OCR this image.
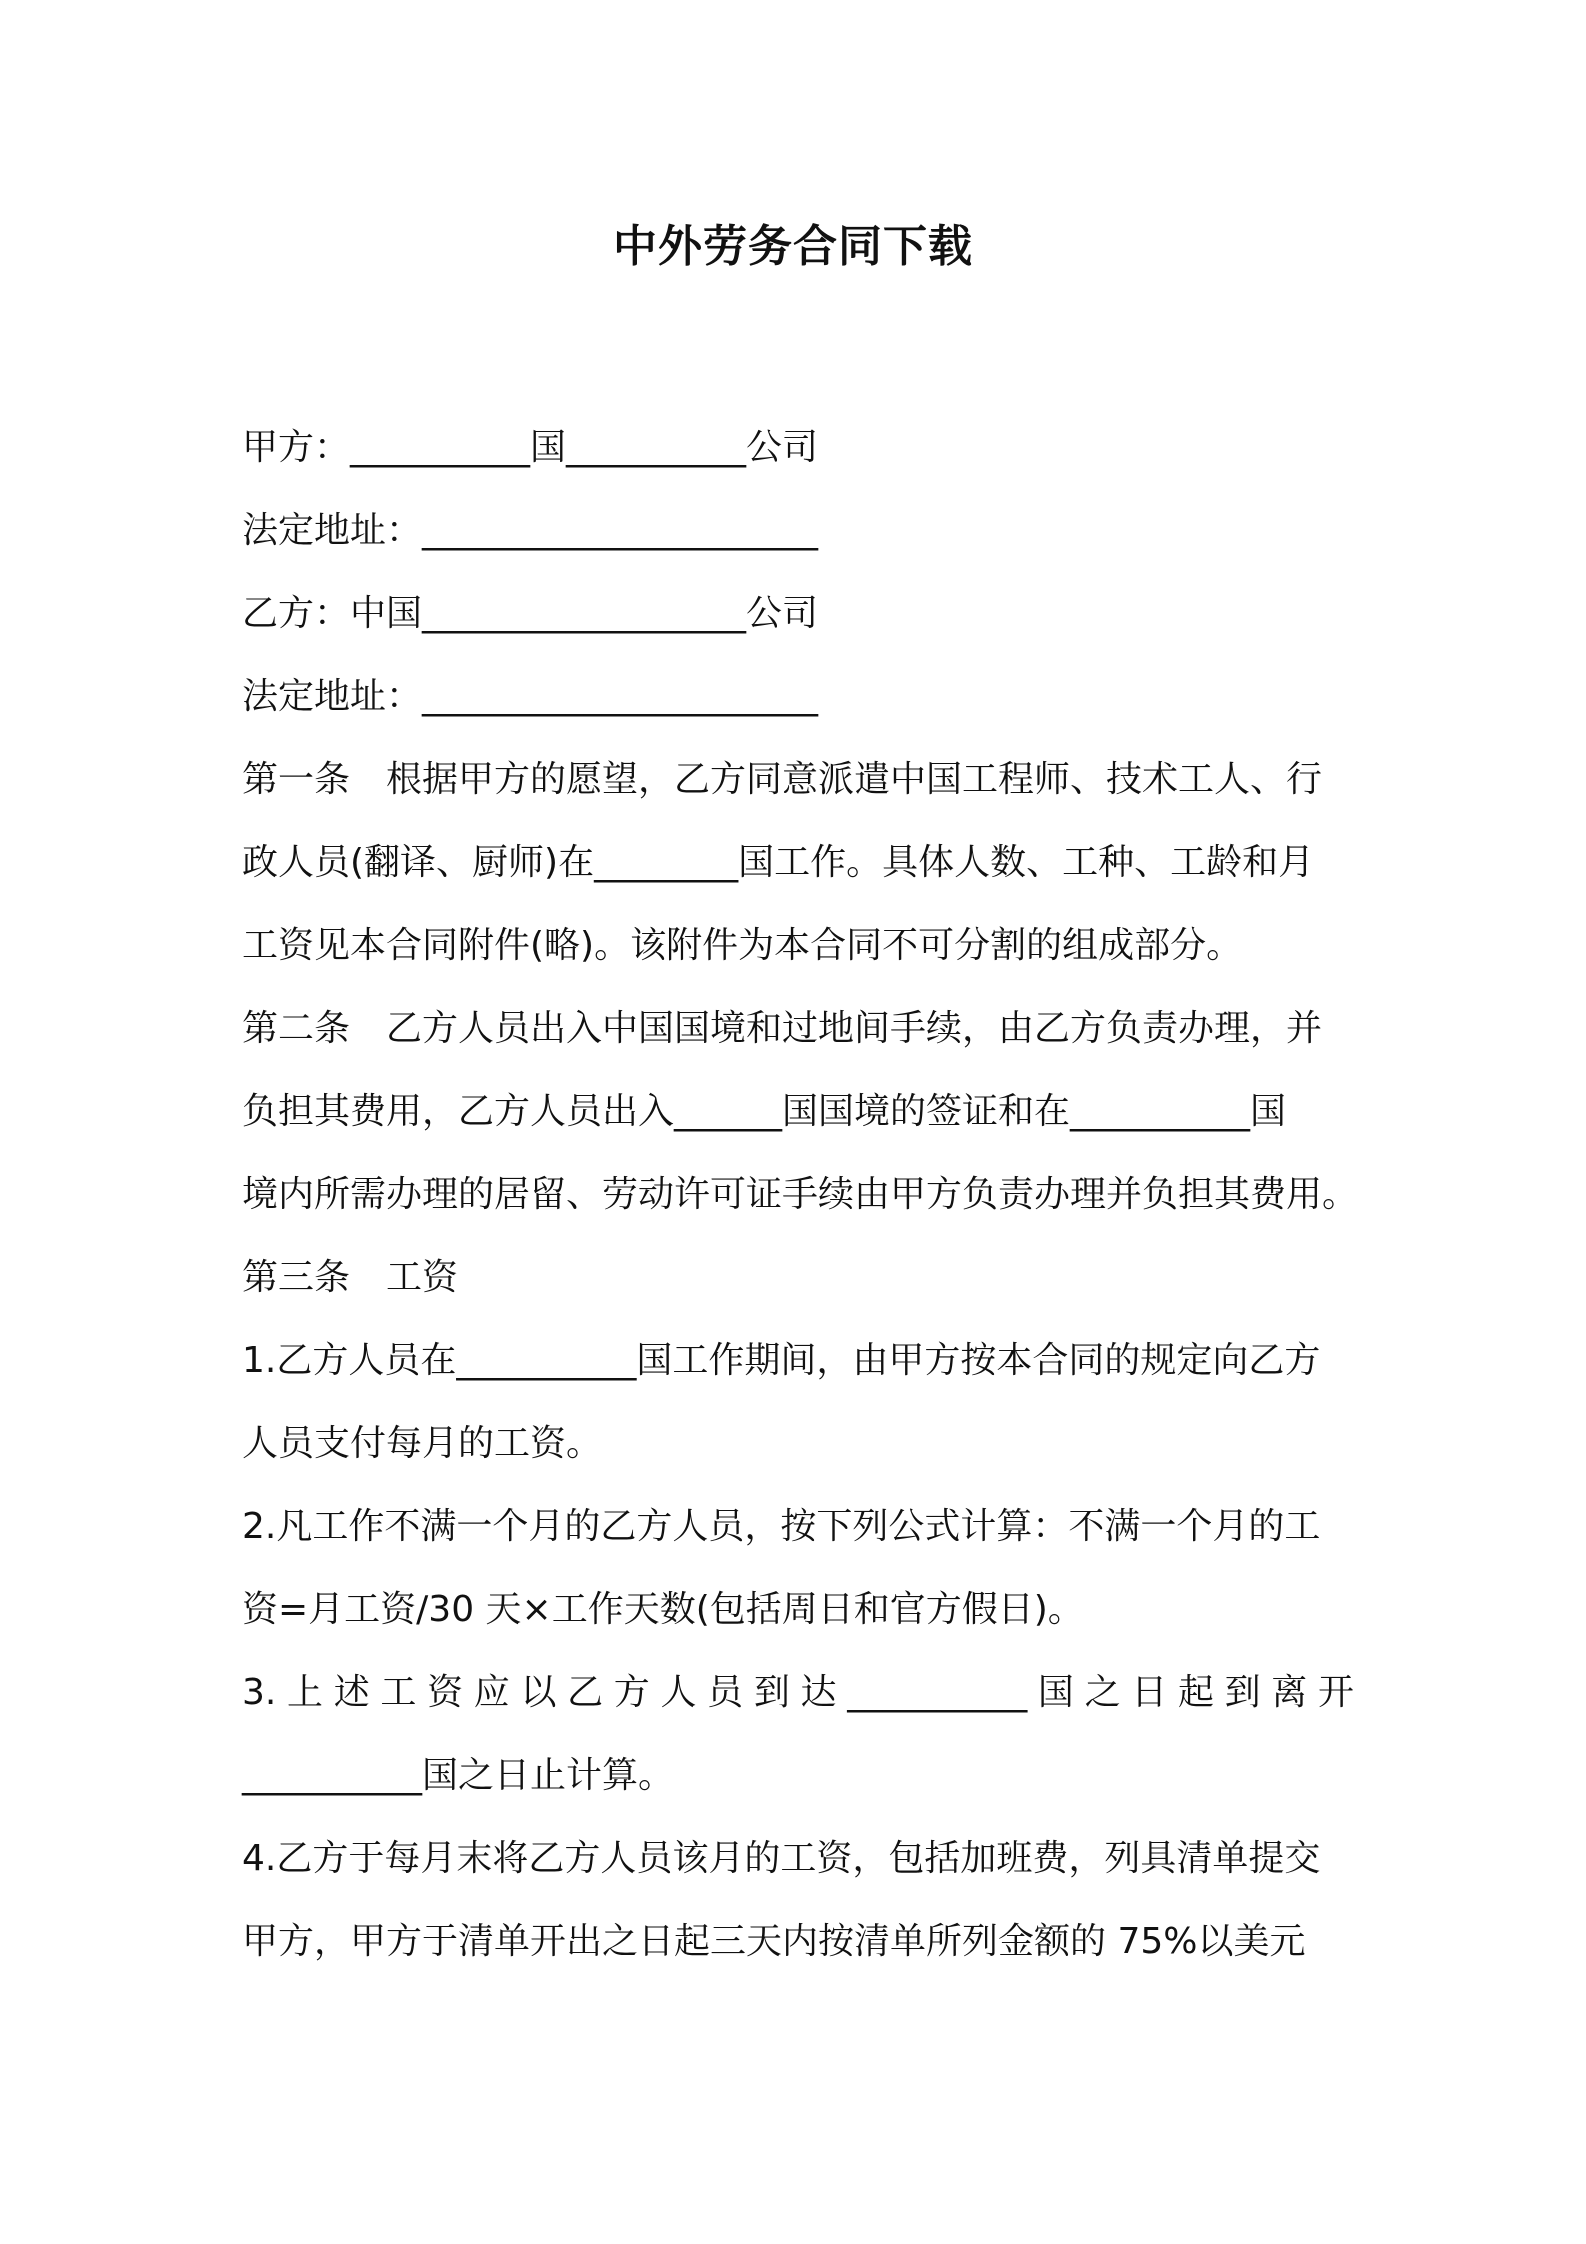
中外劳务合同下载

甲方：__________国__________公司

法定地址：______________________

乙方：中国__________________公司

法定地址：______________________

第一条　根据甲方的愿望，乙方同意派遣中国工程师、技术工人、行

政人员(翻译、厨师)在________国工作。具体人数、工种、工龄和月

工资见本合同附件(略)。该附件为本合同不可分割的组成部分。

第二条　乙方人员出入中国国境和过地间手续，由乙方负责办理，并

负担其费用，乙方人员出入______国国境的签证和在__________国

境内所需办理的居留、劳动许可证手续由甲方负责办理并负担其费用。

第三条　工资

1.乙方人员在__________国工作期间，由甲方按本合同的规定向乙方

人员支付每月的工资。

2.凡工作不满一个月的乙方人员，按下列公式计算：不满一个月的工

资=月工资/30 天×工作天数(包括周日和官方假日)。

3.上述工资应以乙方人员到达__________国之日起到离开

__________国之日止计算。

4.乙方于每月末将乙方人员该月的工资，包括加班费，列具清单提交

甲方，甲方于清单开出之日起三天内按清单所列金额的 75%以美元
